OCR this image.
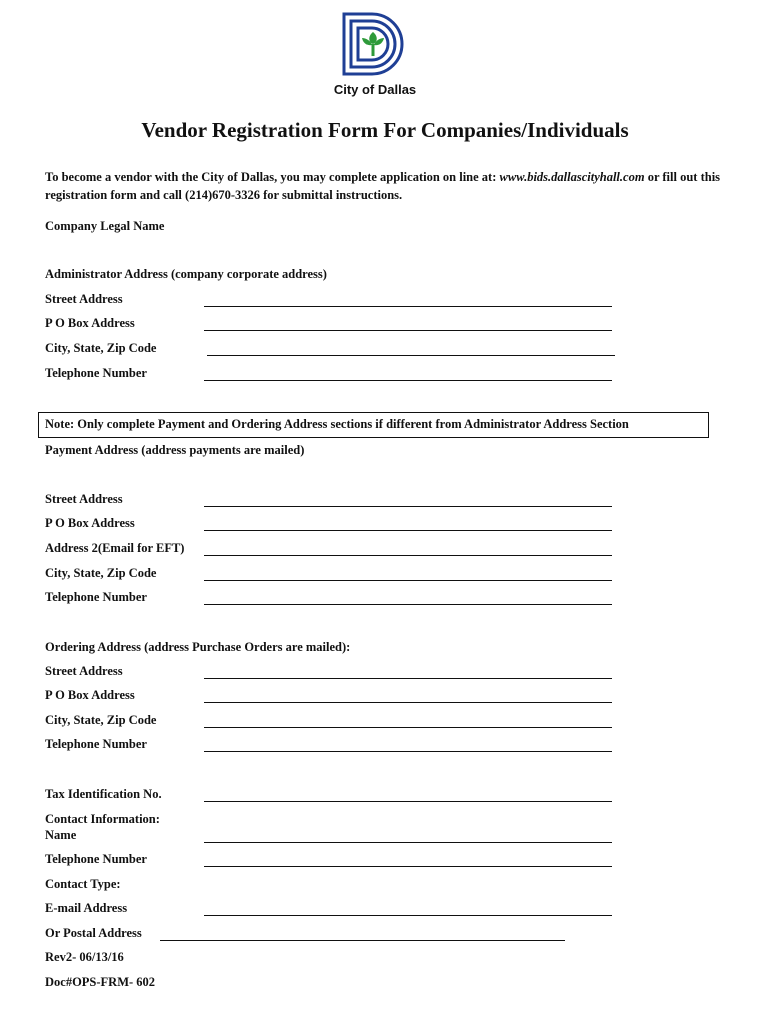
City of Dallas
Vendor Registration Form For Companies/Individuals
To become a vendor with the City of Dallas, you may complete application on line at: www.bids.dallascityhall.com or fill out this registration form and call (214)670-3326 for submittal instructions.
Company Legal Name
Administrator Address (company corporate address)
Street Address
P O Box Address
City, State, Zip Code
Telephone Number
Note: Only complete Payment and Ordering Address sections if different from Administrator Address Section
Payment Address (address payments are mailed)
Street Address
P O Box Address
Address 2(Email for EFT)
City, State, Zip Code
Telephone Number
Ordering Address (address Purchase Orders are mailed):
Street Address
P O Box Address
City, State, Zip Code
Telephone Number
Tax Identification No.
Contact Information:
Name
Telephone Number
Contact Type:
E-mail Address
Or Postal Address
Rev2- 06/13/16
Doc#OPS-FRM- 602
